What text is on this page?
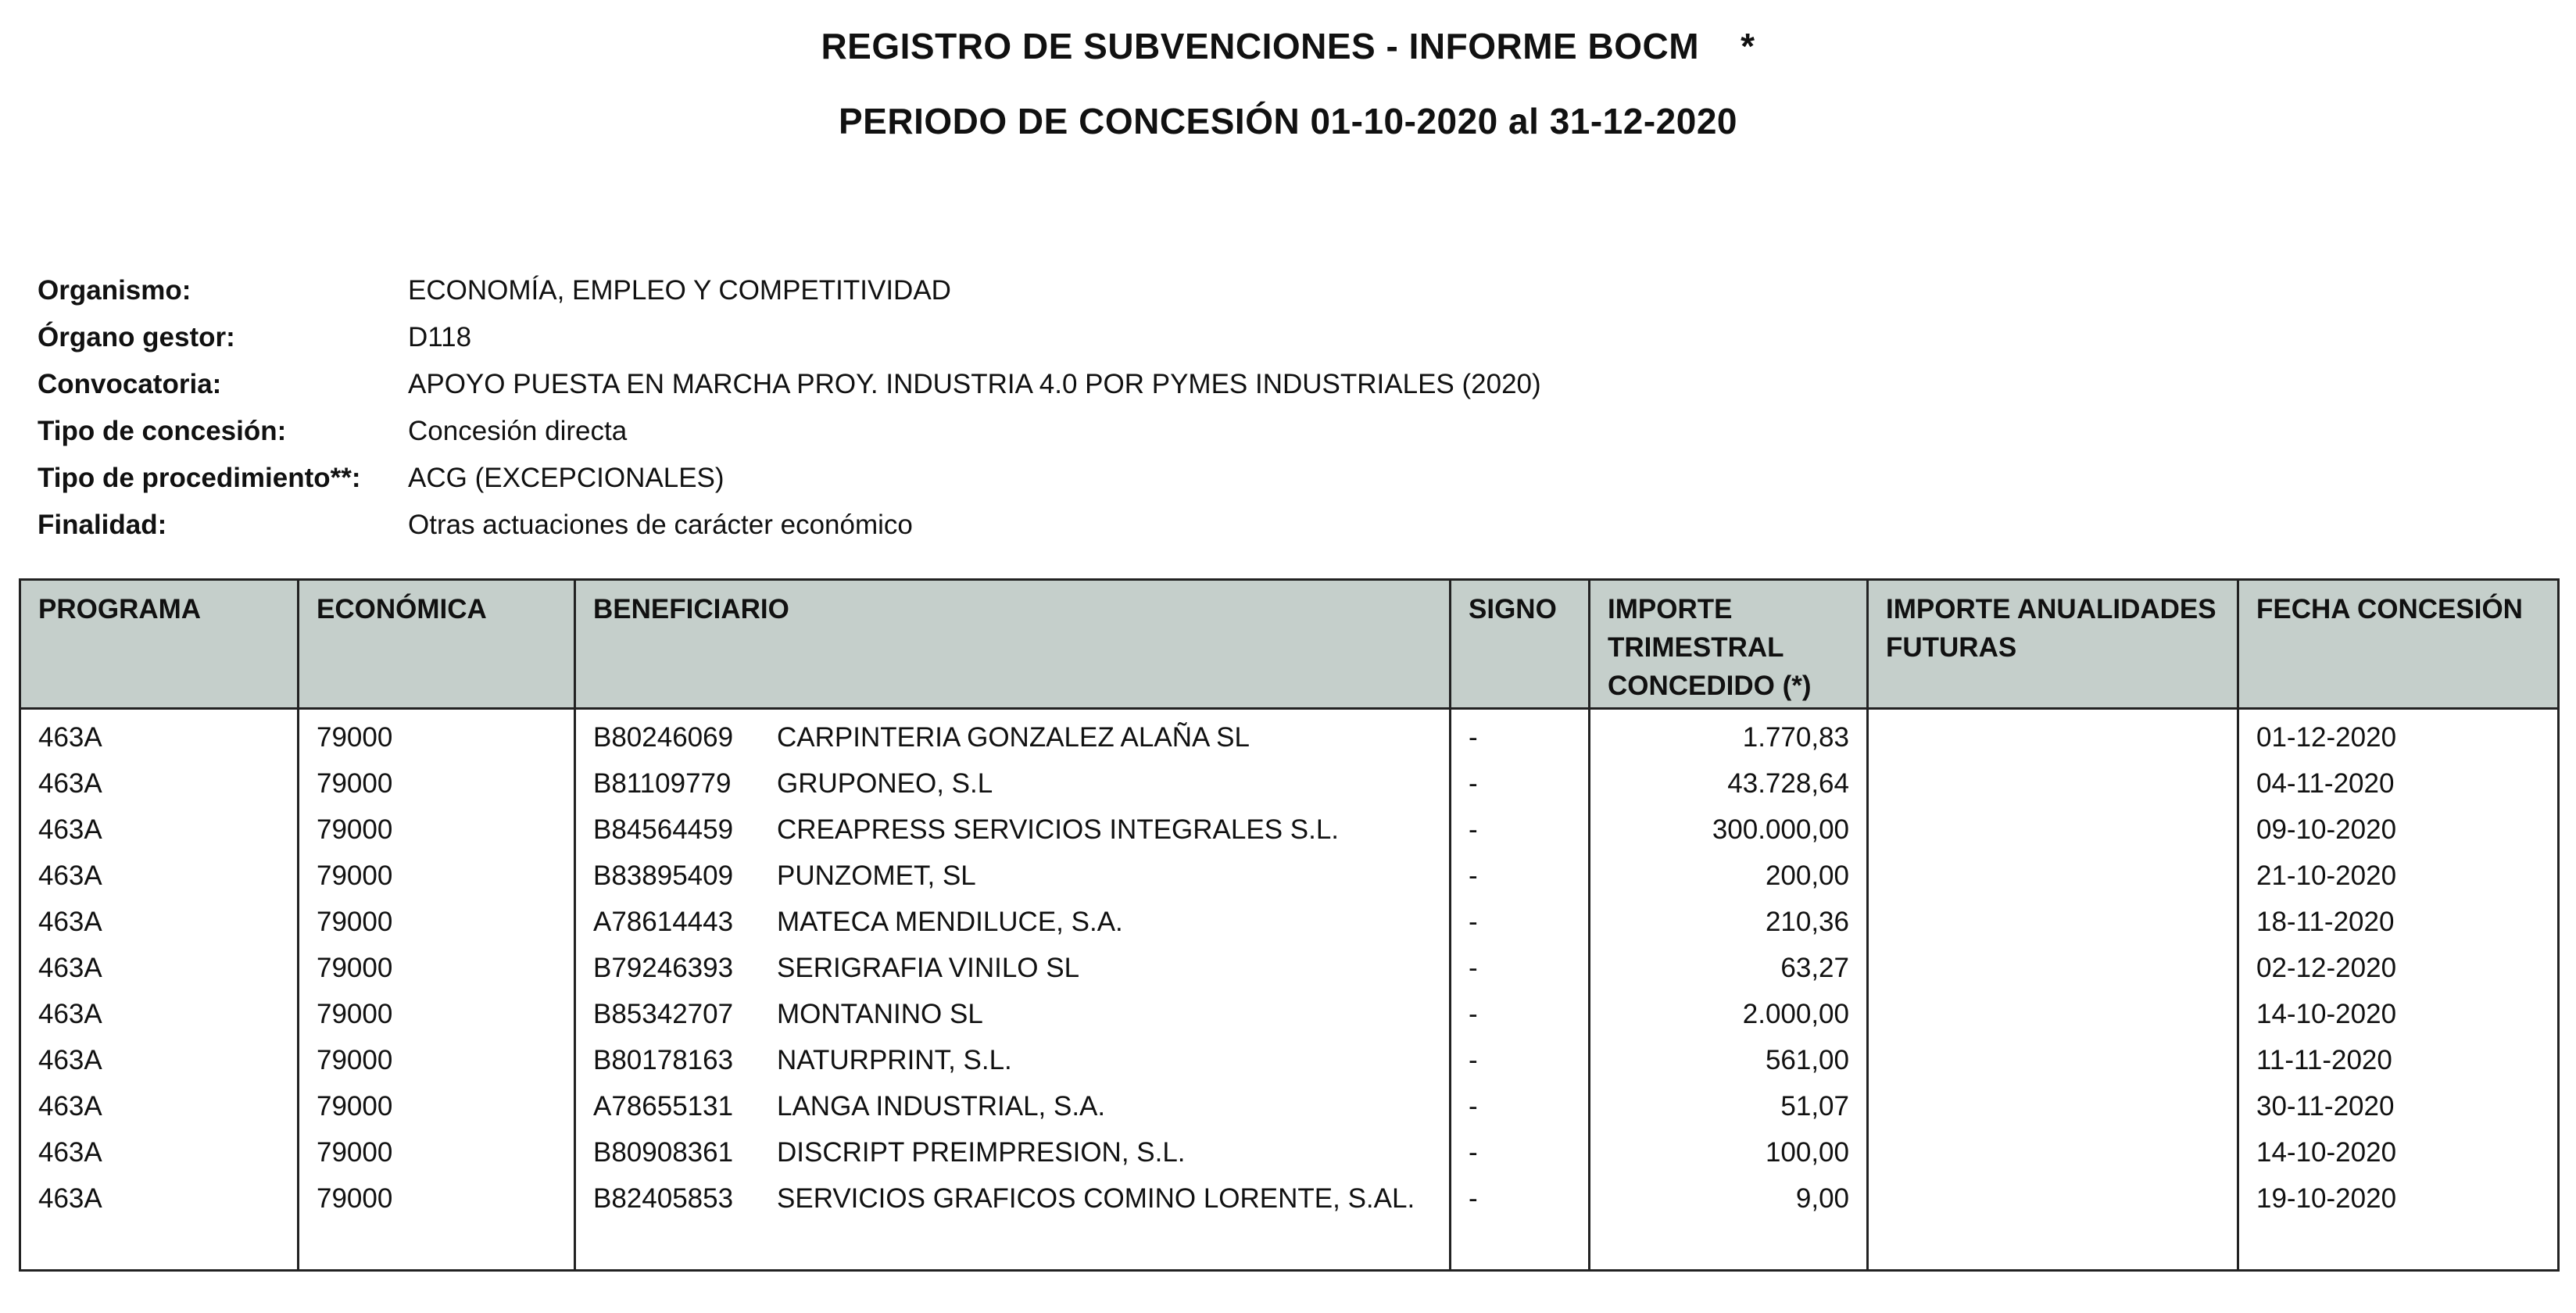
REGISTRO DE SUBVENCIONES - INFORME BOCM    *
PERIODO DE CONCESIÓN 01-10-2020 al 31-12-2020
Organismo:	ECONOMÍA, EMPLEO Y COMPETITIVIDAD
Órgano gestor:	D118
Convocatoria:	APOYO PUESTA EN MARCHA PROY. INDUSTRIA 4.0 POR PYMES INDUSTRIALES (2020)
Tipo de concesión:	Concesión directa
Tipo de procedimiento**:	ACG (EXCEPCIONALES)
Finalidad:	Otras actuaciones de carácter económico
PROGRAMA	ECONÓMICA	BENEFICIARIO	SIGNO	IMPORTE TRIMESTRAL CONCEDIDO (*)	IMPORTE ANUALIDADES FUTURAS	FECHA CONCESIÓN
463A	79000	B80246069 CARPINTERIA GONZALEZ ALAÑA SL	-	1.770,83		01-12-2020
463A	79000	B81109779 GRUPONEO, S.L	-	43.728,64		04-11-2020
463A	79000	B84564459 CREAPRESS SERVICIOS INTEGRALES S.L.	-	300.000,00		09-10-2020
463A	79000	B83895409 PUNZOMET, SL	-	200,00		21-10-2020
463A	79000	A78614443 MATECA MENDILUCE, S.A.	-	210,36		18-11-2020
463A	79000	B79246393 SERIGRAFIA VINILO SL	-	63,27		02-12-2020
463A	79000	B85342707 MONTANINO SL	-	2.000,00		14-10-2020
463A	79000	B80178163 NATURPRINT, S.L.	-	561,00		11-11-2020
463A	79000	A78655131 LANGA INDUSTRIAL, S.A.	-	51,07		30-11-2020
463A	79000	B80908361 DISCRIPT PREIMPRESION, S.L.	-	100,00		14-10-2020
463A	79000	B82405853 SERVICIOS GRAFICOS COMINO LORENTE, S.AL.	-	9,00		19-10-2020
